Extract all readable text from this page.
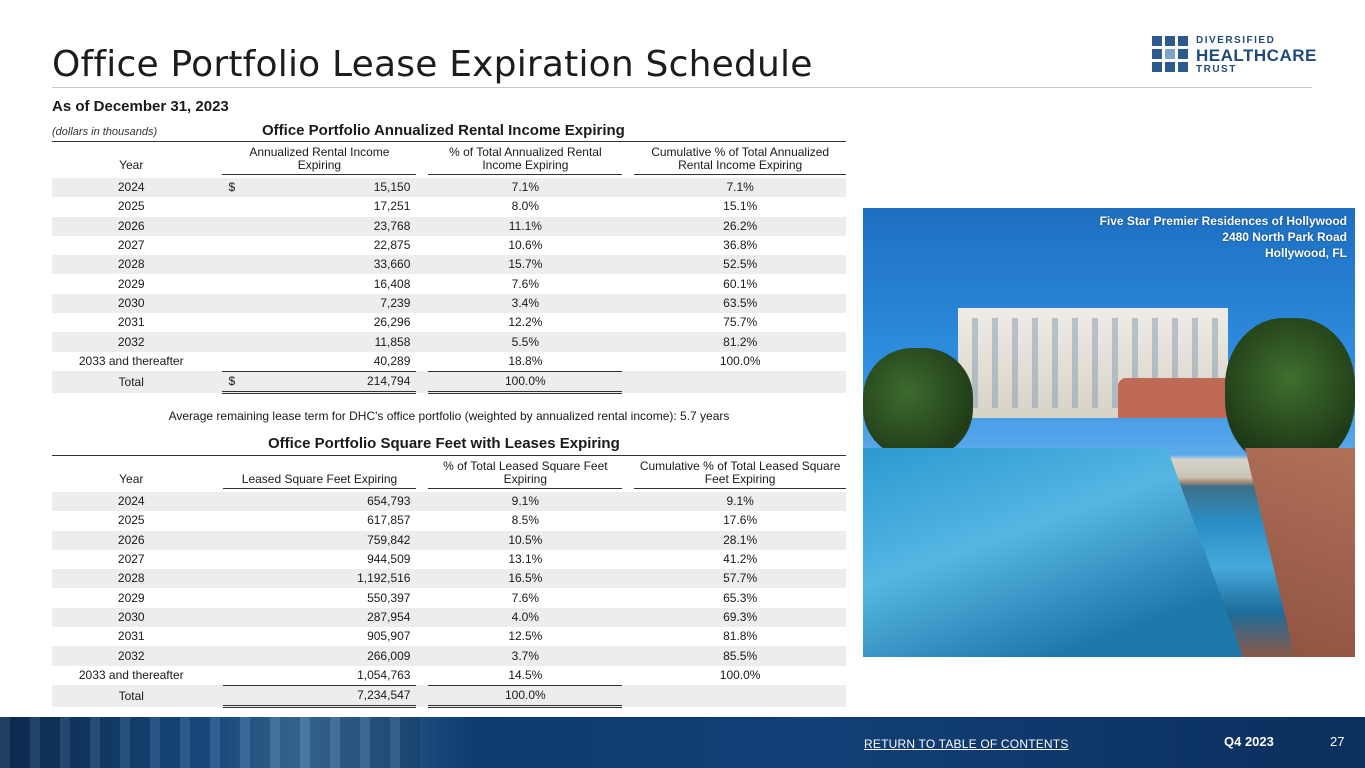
Office Portfolio Lease Expiration Schedule
DIVERSIFIED
HEALTHCARE
TRUST
As of December 31, 2023
(dollars in thousands)	Office Portfolio Annualized Rental Income Expiring

Year		Annualized Rental Income Expiring		% of Total Annualized Rental Income Expiring		Cumulative % of Total Annualized Rental Income Expiring

2024		$ 15,150		7.1%		7.1%
2025		17,251		8.0%		15.1%
2026		23,768		11.1%		26.2%
2027		22,875		10.6%		36.8%
2028		33,660		15.7%		52.5%
2029		16,408		7.6%		60.1%
2030		7,239		3.4%		63.5%
2031		26,296		12.2%		75.7%
2032		11,858		5.5%		81.2%
2033 and thereafter		40,289		18.8%		100.0%
Total		$ 214,794		100.0%		
Average remaining lease term for DHC's office portfolio (weighted by annualized rental income): 5.7 years
Office Portfolio Square Feet with Leases Expiring

Year		Leased Square Feet Expiring		% of Total Leased Square Feet Expiring		Cumulative % of Total Leased Square Feet Expiring

2024		654,793		9.1%		9.1%
2025		617,857		8.5%		17.6%
2026		759,842		10.5%		28.1%
2027		944,509		13.1%		41.2%
2028		1,192,516		16.5%		57.7%
2029		550,397		7.6%		65.3%
2030		287,954		4.0%		69.3%
2031		905,907		12.5%		81.8%
2032		266,009		3.7%		85.5%
2033 and thereafter		1,054,763		14.5%		100.0%
Total		7,234,547		100.0%		
Five Star Premier Residences of Hollywood
2480 North Park Road
Hollywood, FL
RETURN TO TABLE OF CONTENTS	Q4 2023	27
